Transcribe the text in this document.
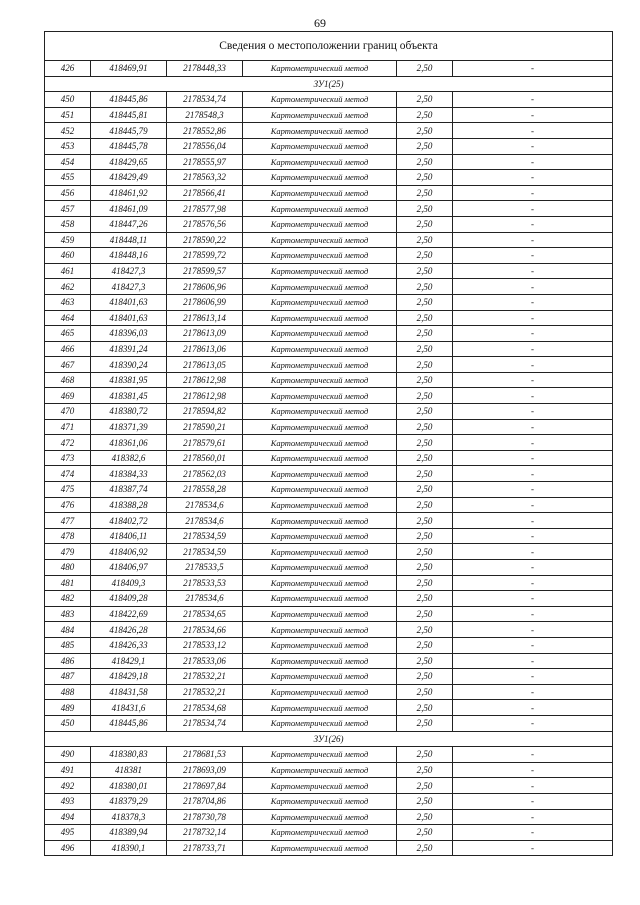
69
Сведения о местоположении границ объекта					
426	418469,91	2178448,33	Картометрический метод	2,50	-
ЗУ1(25)					
450	418445,86	2178534,74	Картометрический метод	2,50	-
451	418445,81	2178548,3	Картометрический метод	2,50	-
452	418445,79	2178552,86	Картометрический метод	2,50	-
453	418445,78	2178556,04	Картометрический метод	2,50	-
454	418429,65	2178555,97	Картометрический метод	2,50	-
455	418429,49	2178563,32	Картометрический метод	2,50	-
456	418461,92	2178566,41	Картометрический метод	2,50	-
457	418461,09	2178577,98	Картометрический метод	2,50	-
458	418447,26	2178576,56	Картометрический метод	2,50	-
459	418448,11	2178590,22	Картометрический метод	2,50	-
460	418448,16	2178599,72	Картометрический метод	2,50	-
461	418427,3	2178599,57	Картометрический метод	2,50	-
462	418427,3	2178606,96	Картометрический метод	2,50	-
463	418401,63	2178606,99	Картометрический метод	2,50	-
464	418401,63	2178613,14	Картометрический метод	2,50	-
465	418396,03	2178613,09	Картометрический метод	2,50	-
466	418391,24	2178613,06	Картометрический метод	2,50	-
467	418390,24	2178613,05	Картометрический метод	2,50	-
468	418381,95	2178612,98	Картометрический метод	2,50	-
469	418381,45	2178612,98	Картометрический метод	2,50	-
470	418380,72	2178594,82	Картометрический метод	2,50	-
471	418371,39	2178590,21	Картометрический метод	2,50	-
472	418361,06	2178579,61	Картометрический метод	2,50	-
473	418382,6	2178560,01	Картометрический метод	2,50	-
474	418384,33	2178562,03	Картометрический метод	2,50	-
475	418387,74	2178558,28	Картометрический метод	2,50	-
476	418388,28	2178534,6	Картометрический метод	2,50	-
477	418402,72	2178534,6	Картометрический метод	2,50	-
478	418406,11	2178534,59	Картометрический метод	2,50	-
479	418406,92	2178534,59	Картометрический метод	2,50	-
480	418406,97	2178533,5	Картометрический метод	2,50	-
481	418409,3	2178533,53	Картометрический метод	2,50	-
482	418409,28	2178534,6	Картометрический метод	2,50	-
483	418422,69	2178534,65	Картометрический метод	2,50	-
484	418426,28	2178534,66	Картометрический метод	2,50	-
485	418426,33	2178533,12	Картометрический метод	2,50	-
486	418429,1	2178533,06	Картометрический метод	2,50	-
487	418429,18	2178532,21	Картометрический метод	2,50	-
488	418431,58	2178532,21	Картометрический метод	2,50	-
489	418431,6	2178534,68	Картометрический метод	2,50	-
450	418445,86	2178534,74	Картометрический метод	2,50	-
ЗУ1(26)					
490	418380,83	2178681,53	Картометрический метод	2,50	-
491	418381	2178693,09	Картометрический метод	2,50	-
492	418380,01	2178697,84	Картометрический метод	2,50	-
493	418379,29	2178704,86	Картометрический метод	2,50	-
494	418378,3	2178730,78	Картометрический метод	2,50	-
495	418389,94	2178732,14	Картометрический метод	2,50	-
496	418390,1	2178733,71	Картометрический метод	2,50	-
